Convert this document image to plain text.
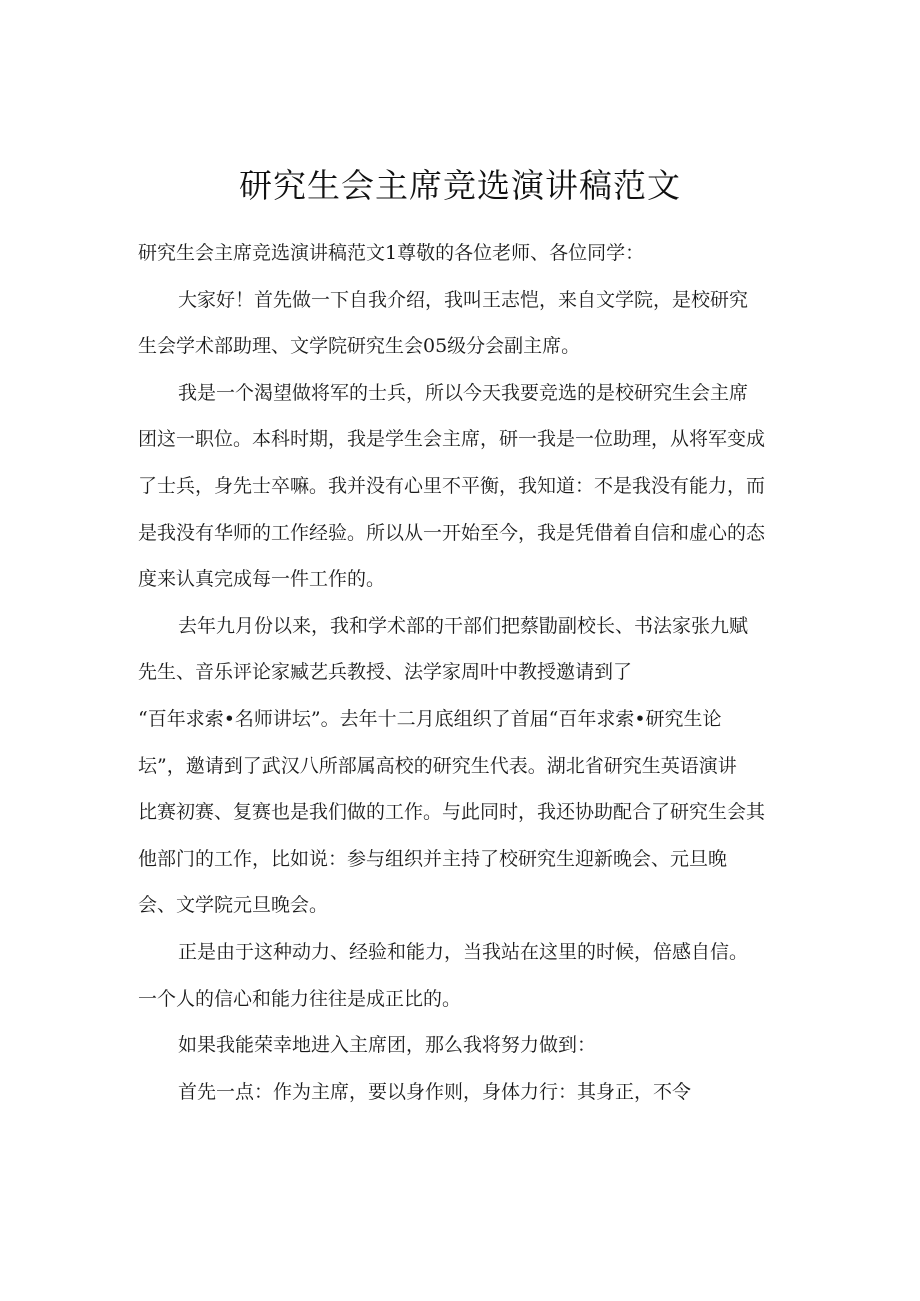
研究生会主席竞选演讲稿范文
研究生会主席竞选演讲稿范文1尊敬的各位老师、各位同学：
大家好！首先做一下自我介绍，我叫王志恺，来自文学院，是校研究
生会学术部助理、文学院研究生会05级分会副主席。
我是一个渴望做将军的士兵，所以今天我要竞选的是校研究生会主席
团这一职位。本科时期，我是学生会主席，研一我是一位助理，从将军变成
了士兵，身先士卒嘛。我并没有心里不平衡，我知道：不是我没有能力，而
是我没有华师的工作经验。所以从一开始至今，我是凭借着自信和虚心的态
度来认真完成每一件工作的。
去年九月份以来，我和学术部的干部们把蔡勖副校长、书法家张九赋
先生、音乐评论家臧艺兵教授、法学家周叶中教授邀请到了
“百年求索•名师讲坛”。去年十二月底组织了首届“百年求索•研究生论
坛”，邀请到了武汉八所部属高校的研究生代表。湖北省研究生英语演讲
比赛初赛、复赛也是我们做的工作。与此同时，我还协助配合了研究生会其
他部门的工作，比如说：参与组织并主持了校研究生迎新晚会、元旦晚
会、文学院元旦晚会。
正是由于这种动力、经验和能力，当我站在这里的时候，倍感自信。
一个人的信心和能力往往是成正比的。
如果我能荣幸地进入主席团，那么我将努力做到：
首先一点：作为主席，要以身作则，身体力行：其身正，不令
